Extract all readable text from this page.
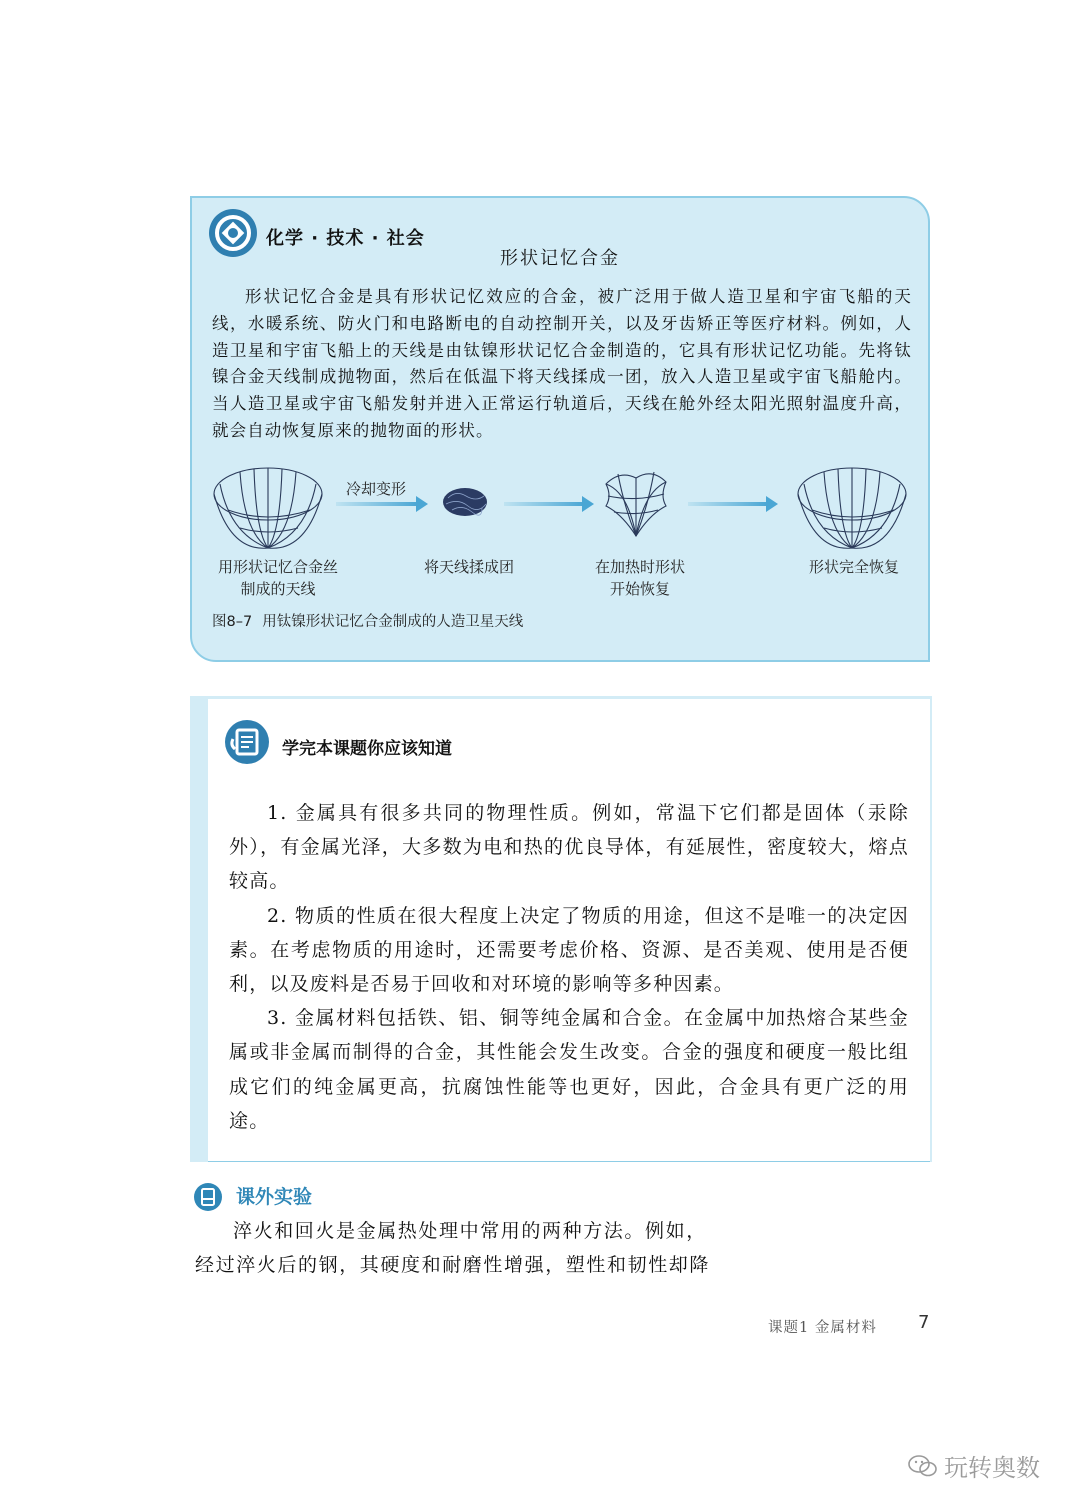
化学 · 技术 · 社会
形状记忆合金
形状记忆合金是具有形状记忆效应的合金，被广泛用于做人造卫星和宇宙飞船的天线，水暖系统、防火门和电路断电的自动控制开关，以及牙齿矫正等医疗材料。例如，人造卫星和宇宙飞船上的天线是由钛镍形状记忆合金制造的，它具有形状记忆功能。先将钛镍合金天线制成抛物面，然后在低温下将天线揉成一团，放入人造卫星或宇宙飞船舱内。当人造卫星或宇宙飞船发射并进入正常运行轨道后，天线在舱外经太阳光照射温度升高，就会自动恢复原来的抛物面的形状。
冷却变形
用形状记忆合金丝
制成的天线
将天线揉成团	在加热时形状
开始恢复
形状完全恢复
图8–7 用钛镍形状记忆合金制成的人造卫星天线
学完本课题你应该知道

1. 金属具有很多共同的物理性质。例如，常温下它们都是固体（汞除外），有金属光泽，大多数为电和热的优良导体，有延展性，密度较大，熔点较高。

2. 物质的性质在很大程度上决定了物质的用途，但这不是唯一的决定因素。在考虑物质的用途时，还需要考虑价格、资源、是否美观、使用是否便利，以及废料是否易于回收和对环境的影响等多种因素。

3. 金属材料包括铁、铝、铜等纯金属和合金。在金属中加热熔合某些金属或非金属而制得的合金，其性能会发生改变。合金的强度和硬度一般比组成它们的纯金属更高，抗腐蚀性能等也更好，因此，合金具有更广泛的用途。

课外实验

淬火和回火是金属热处理中常用的两种方法。例如，

经过淬火后的钢，其硬度和耐磨性增强，塑性和韧性却降

课题1 金属材料 7
玩转奥数
